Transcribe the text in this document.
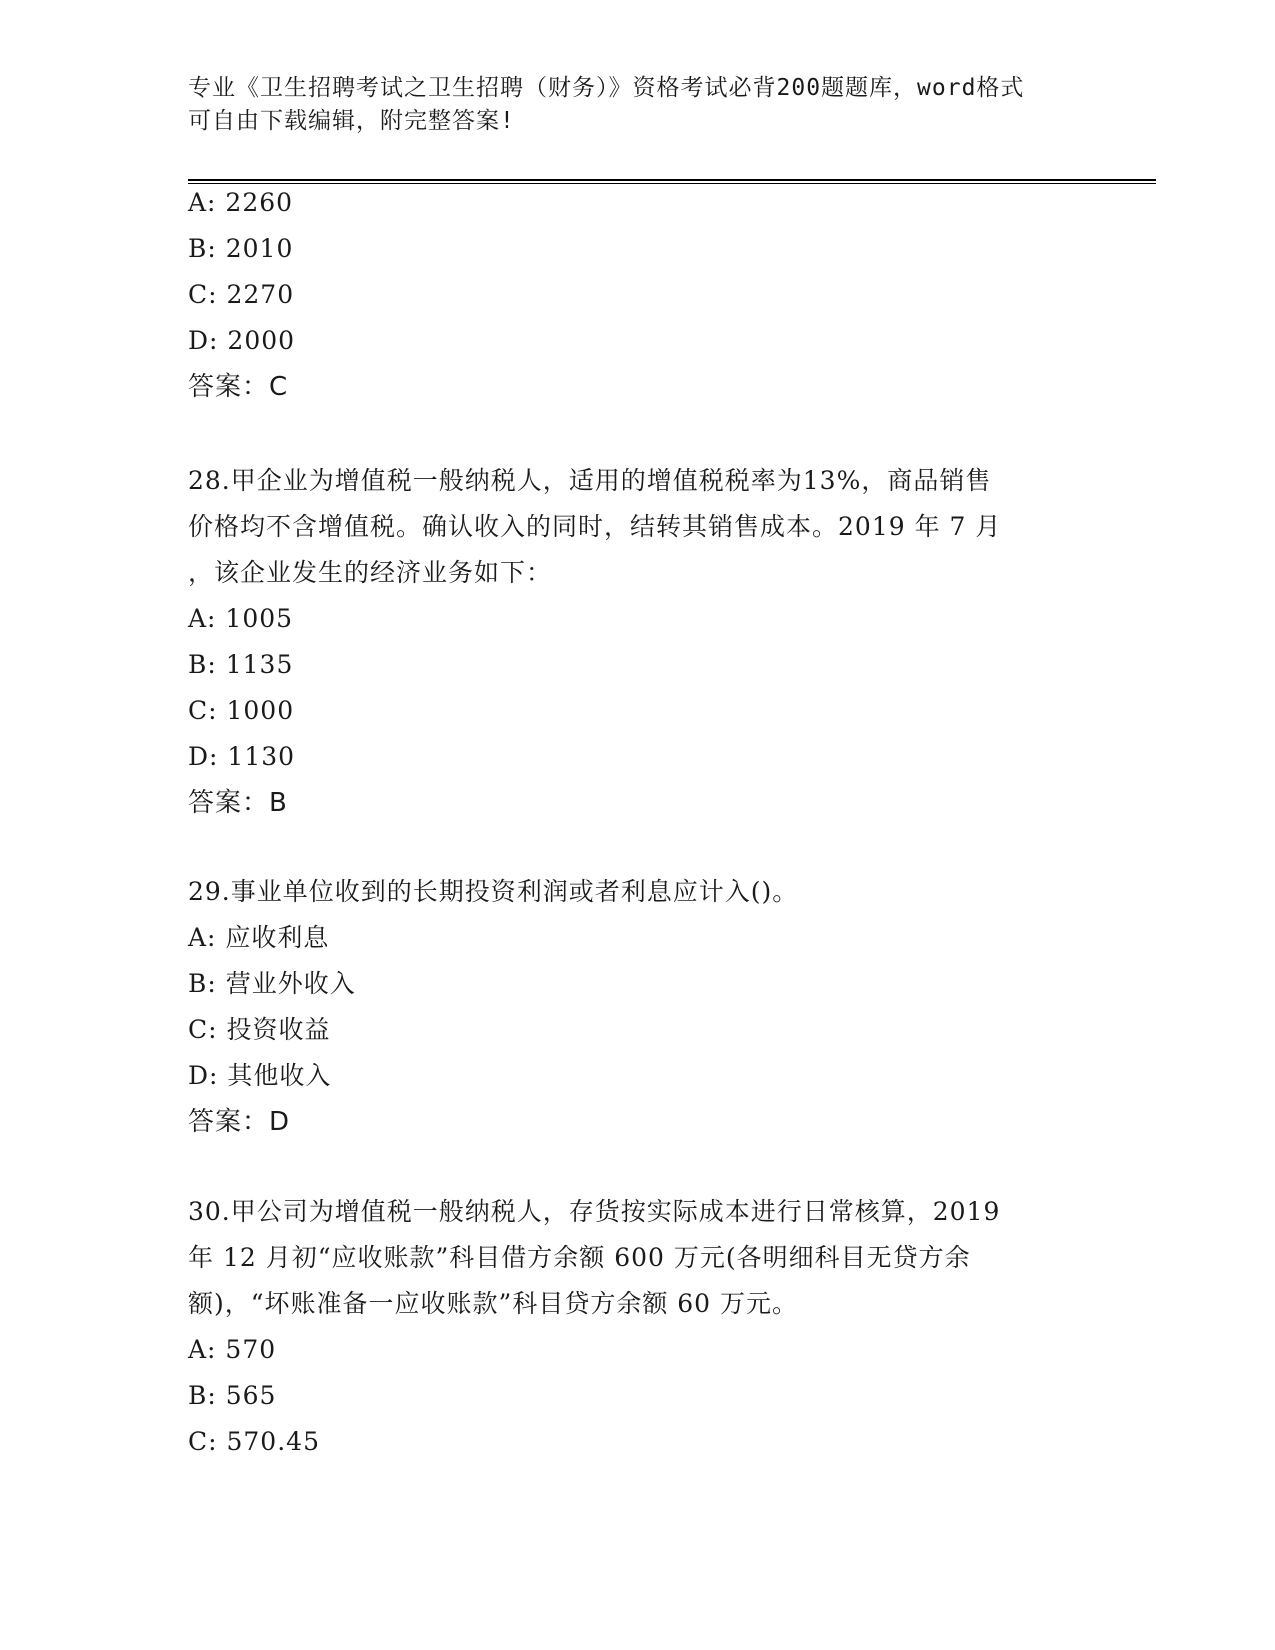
专业《卫生招聘考试之卫生招聘（财务）》资格考试必背200题题库，word格式
可自由下载编辑，附完整答案!
A: 2260
B: 2010
C: 2270
D: 2000
答案：C
28.甲企业为增值税一般纳税人，适用的增值税税率为13%，商品销售
价格均不含增值税。确认收入的同时，结转其销售成本。2019 年 7 月
，该企业发生的经济业务如下：
A: 1005
B: 1135
C: 1000
D: 1130
答案：B
29.事业单位收到的长期投资利润或者利息应计入()。
A: 应收利息
B: 营业外收入
C: 投资收益
D: 其他收入
答案：D
30.甲公司为增值税一般纳税人，存货按实际成本进行日常核算，2019
年 12 月初“应收账款”科目借方余额 600 万元(各明细科目无贷方余
额)，“坏账准备一应收账款”科目贷方余额 60 万元。
A: 570
B: 565
C: 570.45
